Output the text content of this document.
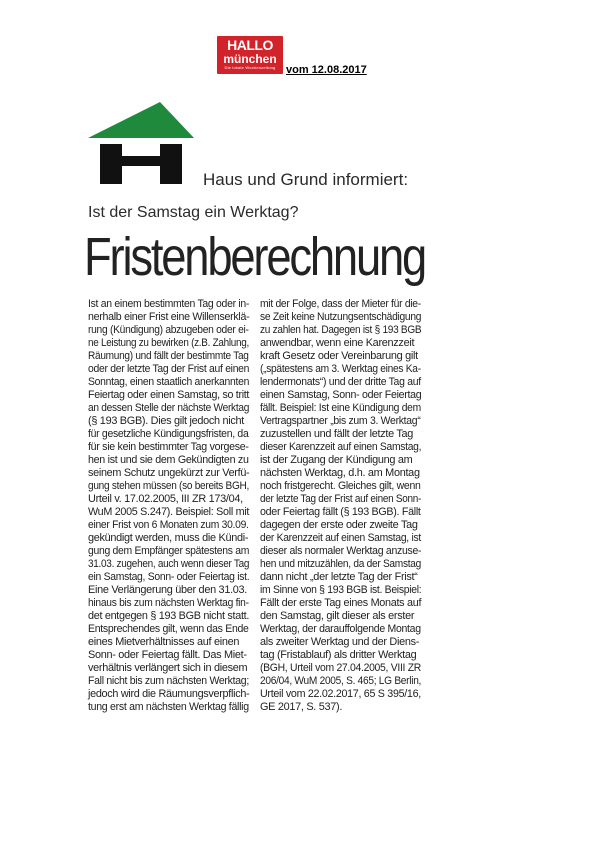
HALLO
münchen
Die lokale Wochenzeitung vom 12.08.2017
Haus und Grund informiert:
Ist der Samstag ein Werktag?
Fristenberechnung
Ist an einem bestimmten Tag oder in-
nerhalb einer Frist eine Willenserklä-
rung (Kündigung) abzugeben oder ei-
ne Leistung zu bewirken (z.B. Zahlung,
Räumung) und fällt der bestimmte Tag
oder der letzte Tag der Frist auf einen
Sonntag, einen staatlich anerkannten
Feiertag oder einen Samstag, so tritt
an dessen Stelle der nächste Werktag
(§ 193 BGB). Dies gilt jedoch nicht
für gesetzliche Kündigungsfristen, da
für sie kein bestimmter Tag vorgese-
hen ist und sie dem Gekündigten zu
seinem Schutz ungekürzt zur Verfü-
gung stehen müssen (so bereits BGH,
Urteil v. 17.02.2005, III ZR 173/04,
WuM 2005 S.247). Beispiel: Soll mit
einer Frist von 6 Monaten zum 30.09.
gekündigt werden, muss die Kündi-
gung dem Empfänger spätestens am
31.03. zugehen, auch wenn dieser Tag
ein Samstag, Sonn- oder Feiertag ist.
Eine Verlängerung über den 31.03.
hinaus bis zum nächsten Werktag fin-
det entgegen § 193 BGB nicht statt.
Entsprechendes gilt, wenn das Ende
eines Mietverhältnisses auf einen
Sonn- oder Feiertag fällt. Das Miet-
verhältnis verlängert sich in diesem
Fall nicht bis zum nächsten Werktag;
jedoch wird die Räumungsverpflich-
tung erst am nächsten Werktag fällig
mit der Folge, dass der Mieter für die-
se Zeit keine Nutzungsentschädigung
zu zahlen hat. Dagegen ist § 193 BGB
anwendbar, wenn eine Karenzzeit
kraft Gesetz oder Vereinbarung gilt
(„spätestens am 3. Werktag eines Ka-
lendermonats“) und der dritte Tag auf
einen Samstag, Sonn- oder Feiertag
fällt. Beispiel: Ist eine Kündigung dem
Vertragspartner „bis zum 3. Werktag“
zuzustellen und fällt der letzte Tag
dieser Karenzzeit auf einen Samstag,
ist der Zugang der Kündigung am
nächsten Werktag, d.h. am Montag
noch fristgerecht. Gleiches gilt, wenn
der letzte Tag der Frist auf einen Sonn-
oder Feiertag fällt (§ 193 BGB). Fällt
dagegen der erste oder zweite Tag
der Karenzzeit auf einen Samstag, ist
dieser als normaler Werktag anzuse-
hen und mitzuzählen, da der Samstag
dann nicht „der letzte Tag der Frist“
im Sinne von § 193 BGB ist. Beispiel:
Fällt der erste Tag eines Monats auf
den Samstag, gilt dieser als erster
Werktag, der darauffolgende Montag
als zweiter Werktag und der Diens-
tag (Fristablauf) als dritter Werktag
(BGH, Urteil vom 27.04.2005, VIII ZR
206/04, WuM 2005, S. 465; LG Berlin,
Urteil vom 22.02.2017, 65 S 395/16,
GE 2017, S. 537).
